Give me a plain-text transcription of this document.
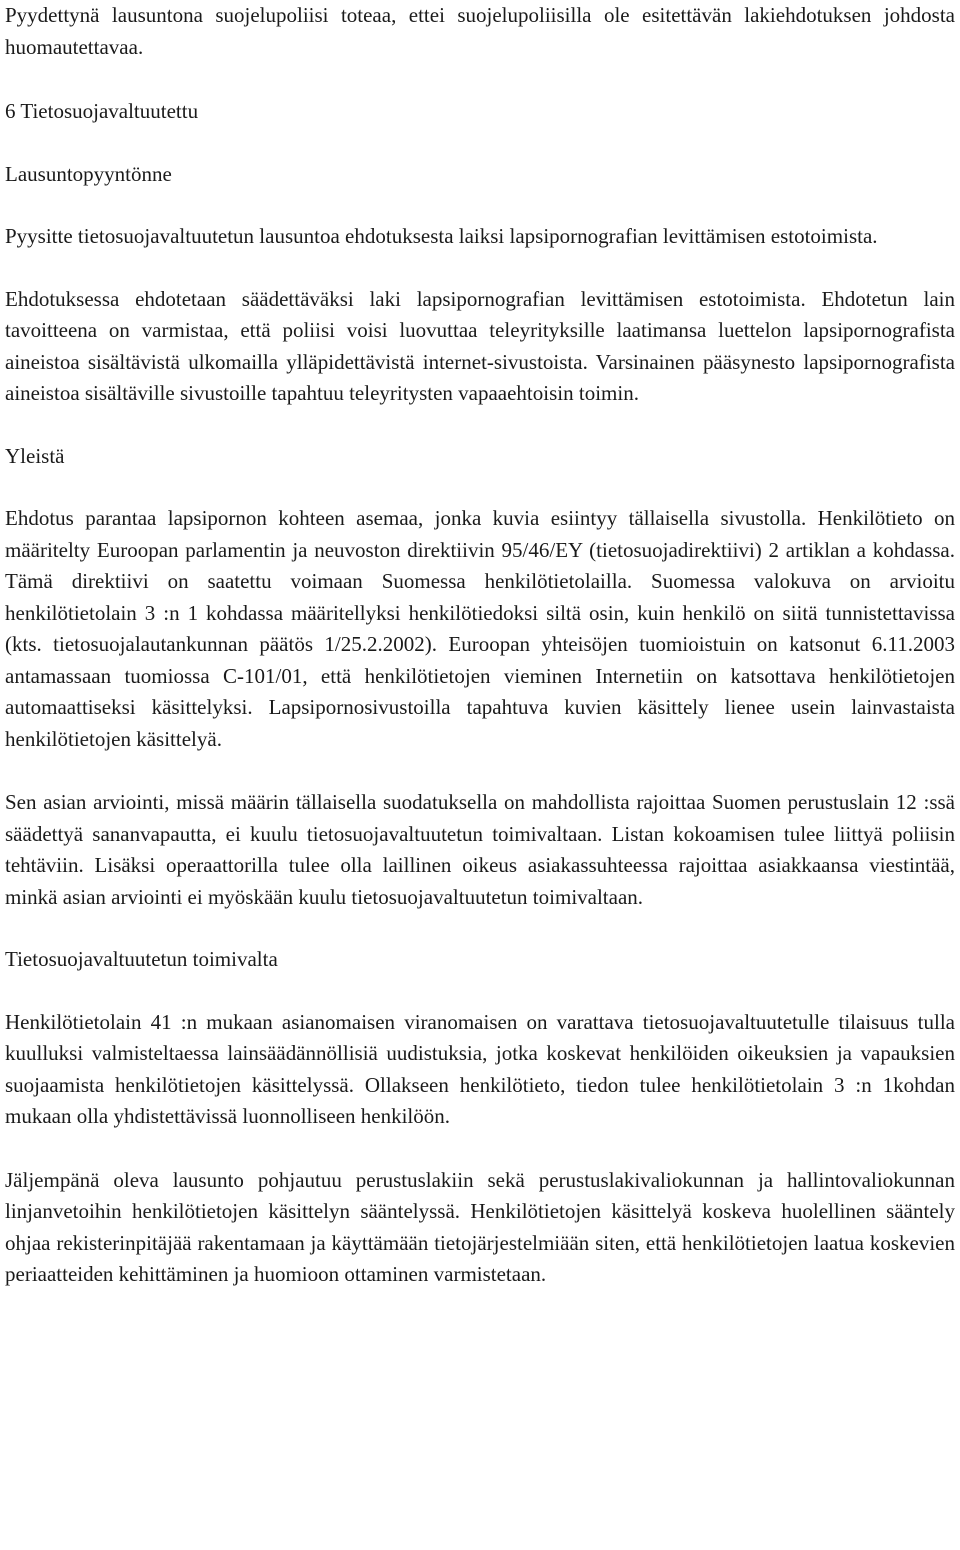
Pyydettynä lausuntona suojelupoliisi toteaa, ettei suojelupoliisilla ole esitettävän lakiehdotuksen johdosta huomautettavaa.

6 Tietosuojavaltuutettu

Lausuntopyyntönne

Pyysitte tietosuojavaltuutetun lausuntoa ehdotuksesta laiksi lapsipornografian levittämisen estotoimista.

Ehdotuksessa ehdotetaan säädettäväksi laki lapsipornografian levittämisen estotoimista. Ehdotetun lain tavoitteena on varmistaa, että poliisi voisi luovuttaa teleyrityksille laatimansa luettelon lapsipornografista aineistoa sisältävistä ulkomailla ylläpidettävistä internet-sivustoista. Varsinainen pääsynesto lapsipornografista aineistoa sisältäville sivustoille tapahtuu teleyritysten vapaaehtoisin toimin.

Yleistä

Ehdotus parantaa lapsipornon kohteen asemaa, jonka kuvia esiintyy tällaisella sivustolla. Henkilötieto on määritelty Euroopan parlamentin ja neuvoston direktiivin 95/46/EY (tietosuojadirektiivi) 2 artiklan a kohdassa. Tämä direktiivi on saatettu voimaan Suomessa henkilötietolailla. Suomessa valokuva on arvioitu henkilötietolain 3 :n 1 kohdassa määritellyksi henkilötiedoksi siltä osin, kuin henkilö on siitä tunnistettavissa (kts. tietosuojalautankunnan päätös 1/25.2.2002). Euroopan yhteisöjen tuomioistuin on katsonut 6.11.2003 antamassaan tuomiossa C-101/01, että henkilötietojen vieminen Internetiin on katsottava henkilötietojen automaattiseksi käsittelyksi. Lapsipornosivustoilla tapahtuva kuvien käsittely lienee usein lainvastaista henkilötietojen käsittelyä.

Sen asian arviointi, missä määrin tällaisella suodatuksella on mahdollista rajoittaa Suomen perustuslain 12 :ssä säädettyä sananvapautta, ei kuulu tietosuojavaltuutetun toimivaltaan. Listan kokoamisen tulee liittyä poliisin tehtäviin. Lisäksi operaattorilla tulee olla laillinen oikeus asiakassuhteessa rajoittaa asiakkaansa viestintää, minkä asian arviointi ei myöskään kuulu tietosuojavaltuutetun toimivaltaan.

Tietosuojavaltuutetun toimivalta

Henkilötietolain 41 :n mukaan asianomaisen viranomaisen on varattava tietosuojavaltuutetulle tilaisuus tulla kuulluksi valmisteltaessa lainsäädännöllisiä uudistuksia, jotka koskevat henkilöiden oikeuksien ja vapauksien suojaamista henkilötietojen käsittelyssä. Ollakseen henkilötieto, tiedon tulee henkilötietolain 3 :n 1kohdan mukaan olla yhdistettävissä luonnolliseen henkilöön.

Jäljempänä oleva lausunto pohjautuu perustuslakiin sekä perustuslakivaliokunnan ja hallintovaliokunnan linjanvetoihin henkilötietojen käsittelyn sääntelyssä. Henkilötietojen käsittelyä koskeva huolellinen sääntely ohjaa rekisterinpitäjää rakentamaan ja käyttämään tietojärjestelmiään siten, että henkilötietojen laatua koskevien periaatteiden kehittäminen ja huomioon ottaminen varmistetaan.
